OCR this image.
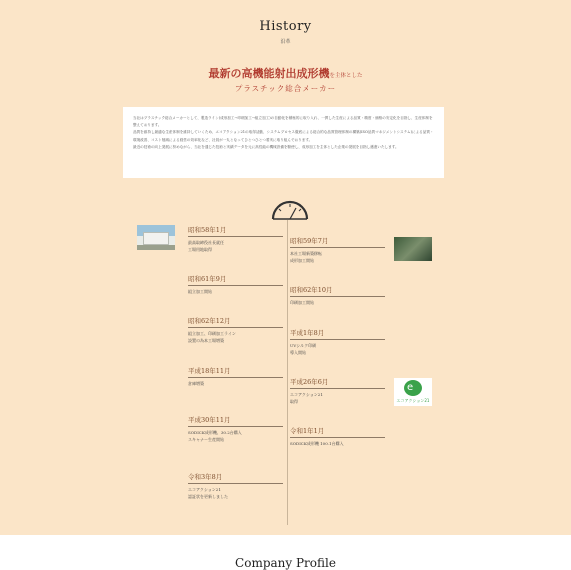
History
沿革
最新の高機能射出成形機を主体とした
プラスチック総合メーカー

当社はプラスチック総合メーカーとして、製造ライン(成形加工→印刷加工→組立加工)の自動化を積極的に取り入れ、一貫した生産による品質・精度・価格の安定化を目指し、生産体制を整えております。

品質を維持し最適な生産体制を維持していくため、エコアクション21の取得活動、システムプロセス徹底による総合的な品質管理体制の構築(ISO品質マネジメントシステム)による品質・環境改善、コスト削減による経営の効率化など、社員が一丸となってひとつひとつ着実に取り組んでおります。

最近の技術の向上発展に努めながら、当社を通じた技術と実績データを元に高性能の機械設備を駆使し、成形加工を主体とした企業の発展を目指し邁進いたします。

e
エコアクション21
昭和58年1月
最高取締役社長就任
工場用地取得
昭和61年9月
組立加工開始
昭和62年12月
組立加工、印刷加工ライン
設置の為本工場増築
平成18年11月
倉庫増築
平成30年11月
SODICK成形機、30.2台購入
スキャナー生産開始
令和3年8月
エコアクション21
認証状を更新しました
昭和59年7月
本社工場新築移転
成形加工開始
昭和62年10月
印刷加工開始
平成1年8月
UVシルク印刷
導入開始
平成26年6月
エコアクション21
取得
令和1年1月
SODICK成形機 100.1台購入
Company Profile
